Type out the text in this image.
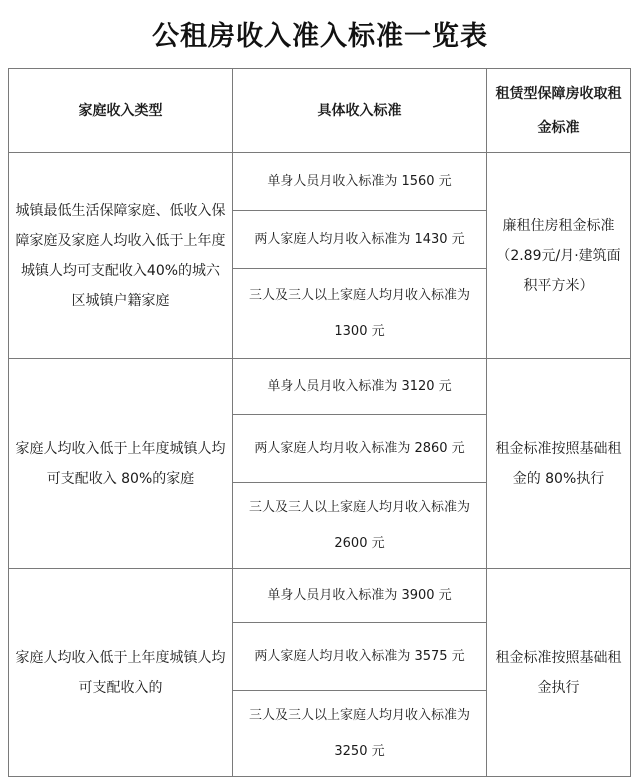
公租房收入准入标准一览表
家庭收入类型	具体收入标准	租赁型保障房收取租金标准
城镇最低生活保障家庭、低收入保障家庭及家庭人均收入低于上年度城镇人均可支配收入40%的城六区城镇户籍家庭	单身人员月收入标准为 1560 元	廉租住房租金标准（2.89元/月·建筑面积平方米）
	两人家庭人均月收入标准为 1430 元	
	三人及三人以上家庭人均月收入标准为 1300 元	
家庭人均收入低于上年度城镇人均可支配收入 80%的家庭	单身人员月收入标准为 3120 元	租金标准按照基础租金的 80%执行
	两人家庭人均月收入标准为 2860 元	
	三人及三人以上家庭人均月收入标准为 2600 元	
家庭人均收入低于上年度城镇人均可支配收入的	单身人员月收入标准为 3900 元	租金标准按照基础租金执行
	两人家庭人均月收入标准为 3575 元	
	三人及三人以上家庭人均月收入标准为 3250 元	
